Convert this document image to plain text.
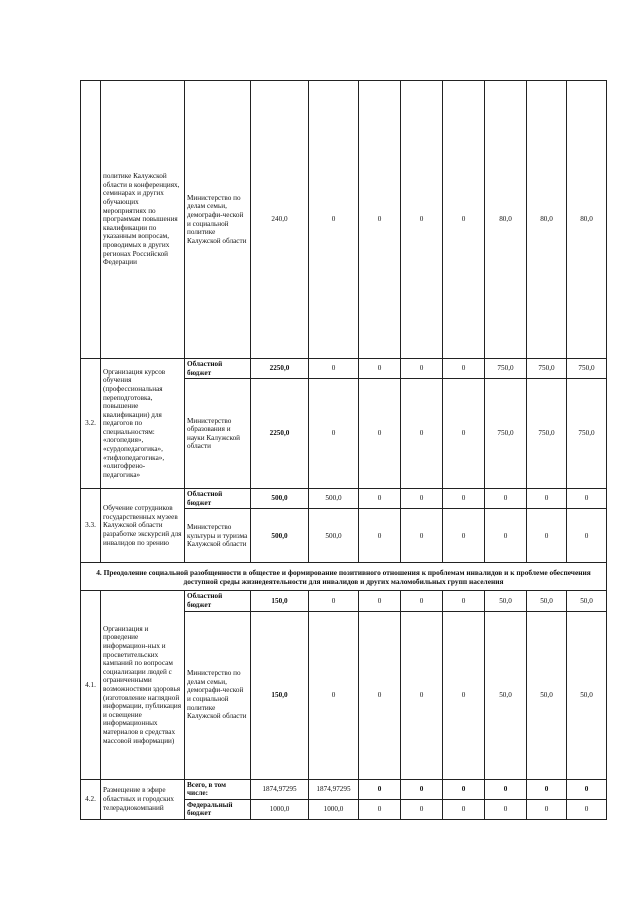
	политике Калужской области в конференциях, семинарах и других обучающих мероприятиях по программам повышения квалификации по указанным вопросам, проводимых в других регионах Российской Федерации	Министерство по делам семьи, демографи-ческой и социальной политике Калужской области	240,0	0	0	0	0	80,0	80,0	80,0
3.2.	Организация курсов обучения (профессиональная переподготовка, повышение квалификации) для педагогов по специальностям: «логопедия», «сурдопедагогика», «тифлопедагогика», «олигофрено-педагогика»	Областной бюджет	2250,0	0	0	0	0	750,0	750,0	750,0
		Министерство образования и науки Калужской области	2250,0	0	0	0	0	750,0	750,0	750,0
3.3.	Обучение сотрудников государственных музеев Калужской области разработке экскурсий для инвалидов по зрению	Областной бюджет	500,0	500,0	0	0	0	0	0	0
		Министерство культуры и туризма Калужской области	500,0	500,0	0	0	0	0	0	0
4. Преодоление социальной разобщенности в обществе и формирование позитивного отношения к проблемам инвалидов и к проблеме обеспечения доступной среды жизнедеятельности для инвалидов и других маломобильных групп населения										
4.1.	Организация и проведение информацион-ных и просветительских кампаний по вопросам социализации людей с ограниченными возможностями здоровья (изготовление наглядной информации, публикация и освещение информационных материалов в средствах массовой информации)	Областной бюджет	150,0	0	0	0	0	50,0	50,0	50,0
		Министерство по делам семьи, демографи-ческой и социальной политике Калужской области	150,0	0	0	0	0	50,0	50,0	50,0
4.2.	Размещение в эфире областных и городских телерадиокомпаний	Всего, в том числе:	1874,97295	1874,97295	0	0	0	0	0	0
		Федеральный бюджет	1000,0	1000,0	0	0	0	0	0	0
